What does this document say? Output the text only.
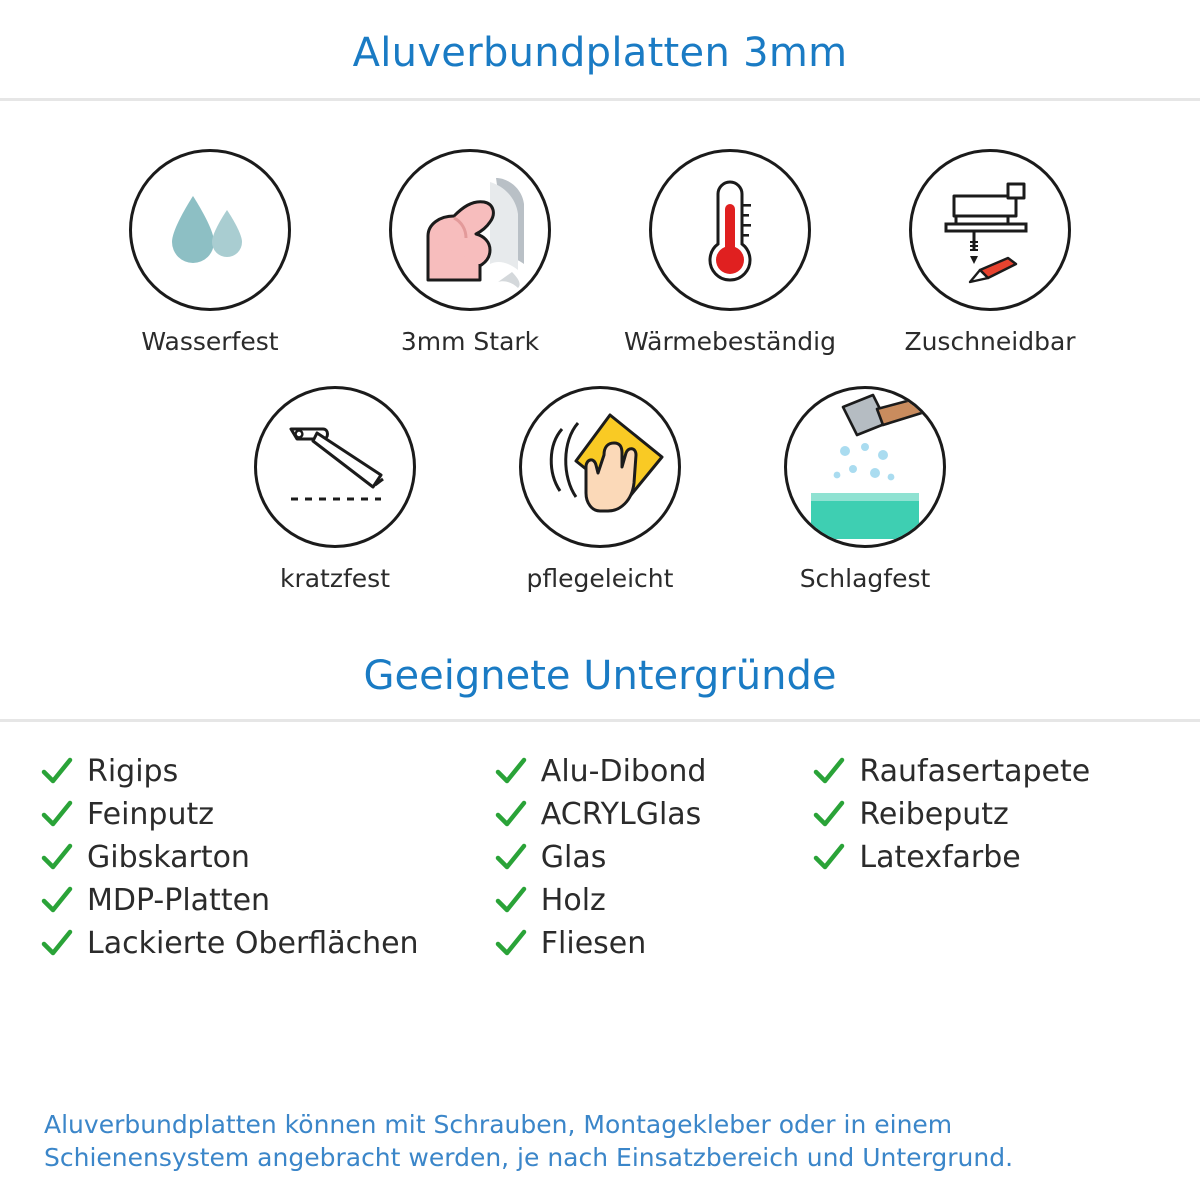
Aluverbundplatten 3mm
Wasserfest	3mm Stark	Wärmebeständig	Zuschneidbar
kratzfest	pflegeleicht	Schlagfest
Geeignete Untergründe
Rigips
Feinputz
Gibskarton
MDP-Platten
Lackierte Oberflächen
Alu-Dibond
ACRYLGlas
Glas
Holz
Fliesen
Raufasertapete
Reibeputz
Latexfarbe
Aluverbundplatten können mit Schrauben, Montagekleber oder in einem Schienensystem angebracht werden, je nach Einsatzbereich und Untergrund.
